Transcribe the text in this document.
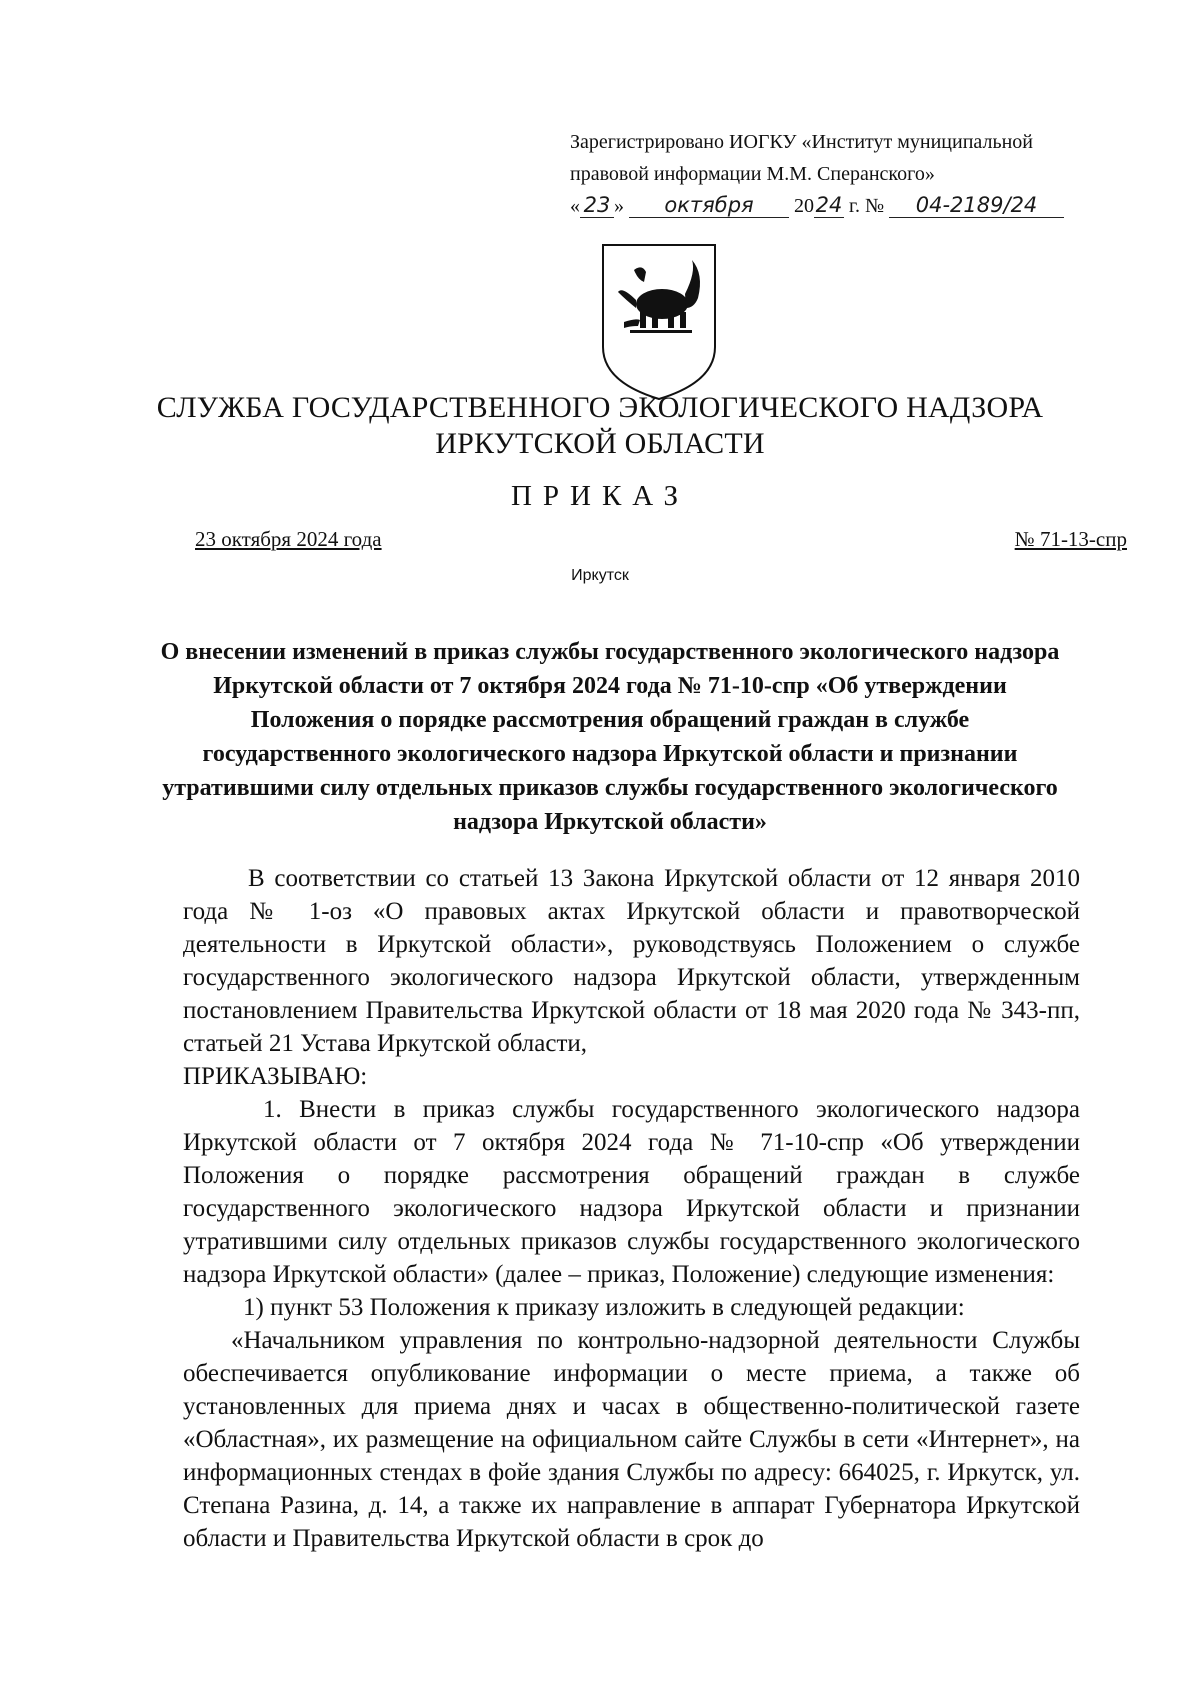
Зарегистрировано ИОГКУ «Институт муниципальной
правовой информации М.М. Сперанского»
« 23 » октября 2024 г. № 04-2189/24
СЛУЖБА ГОСУДАРСТВЕННОГО ЭКОЛОГИЧЕСКОГО НАДЗОРА
ИРКУТСКОЙ ОБЛАСТИ
ПРИКАЗ
23 октября 2024 года	№ 71-13-спр
Иркутск
О внесении изменений в приказ службы государственного экологического надзора Иркутской области от 7 октября 2024 года № 71-10-спр «Об утверждении Положения о порядке рассмотрения обращений граждан в службе государственного экологического надзора Иркутской области и признании утратившими силу отдельных приказов службы государственного экологического надзора Иркутской области»

В соответствии со статьей 13 Закона Иркутской области от 12 января 2010 года № 1-оз «О правовых актах Иркутской области и правотворческой деятельности в Иркутской области», руководствуясь Положением о службе государственного экологического надзора Иркутской области, утвержденным постановлением Правительства Иркутской области от 18 мая 2020 года № 343-пп, статьей 21 Устава Иркутской области,

ПРИКАЗЫВАЮ:

1. Внести в приказ службы государственного экологического надзора Иркутской области от 7 октября 2024 года № 71-10-спр «Об утверждении Положения о порядке рассмотрения обращений граждан в службе государственного экологического надзора Иркутской области и признании утратившими силу отдельных приказов службы государственного экологического надзора Иркутской области» (далее – приказ, Положение) следующие изменения:

1) пункт 53 Положения к приказу изложить в следующей редакции:

«Начальником управления по контрольно-надзорной деятельности Службы обеспечивается опубликование информации о месте приема, а также об установленных для приема днях и часах в общественно-политической газете «Областная», их размещение на официальном сайте Службы в сети «Интернет», на информационных стендах в фойе здания Службы по адресу: 664025, г. Иркутск, ул. Степана Разина, д. 14, а также их направление в аппарат Губернатора Иркутской области и Правительства Иркутской области в срок до
